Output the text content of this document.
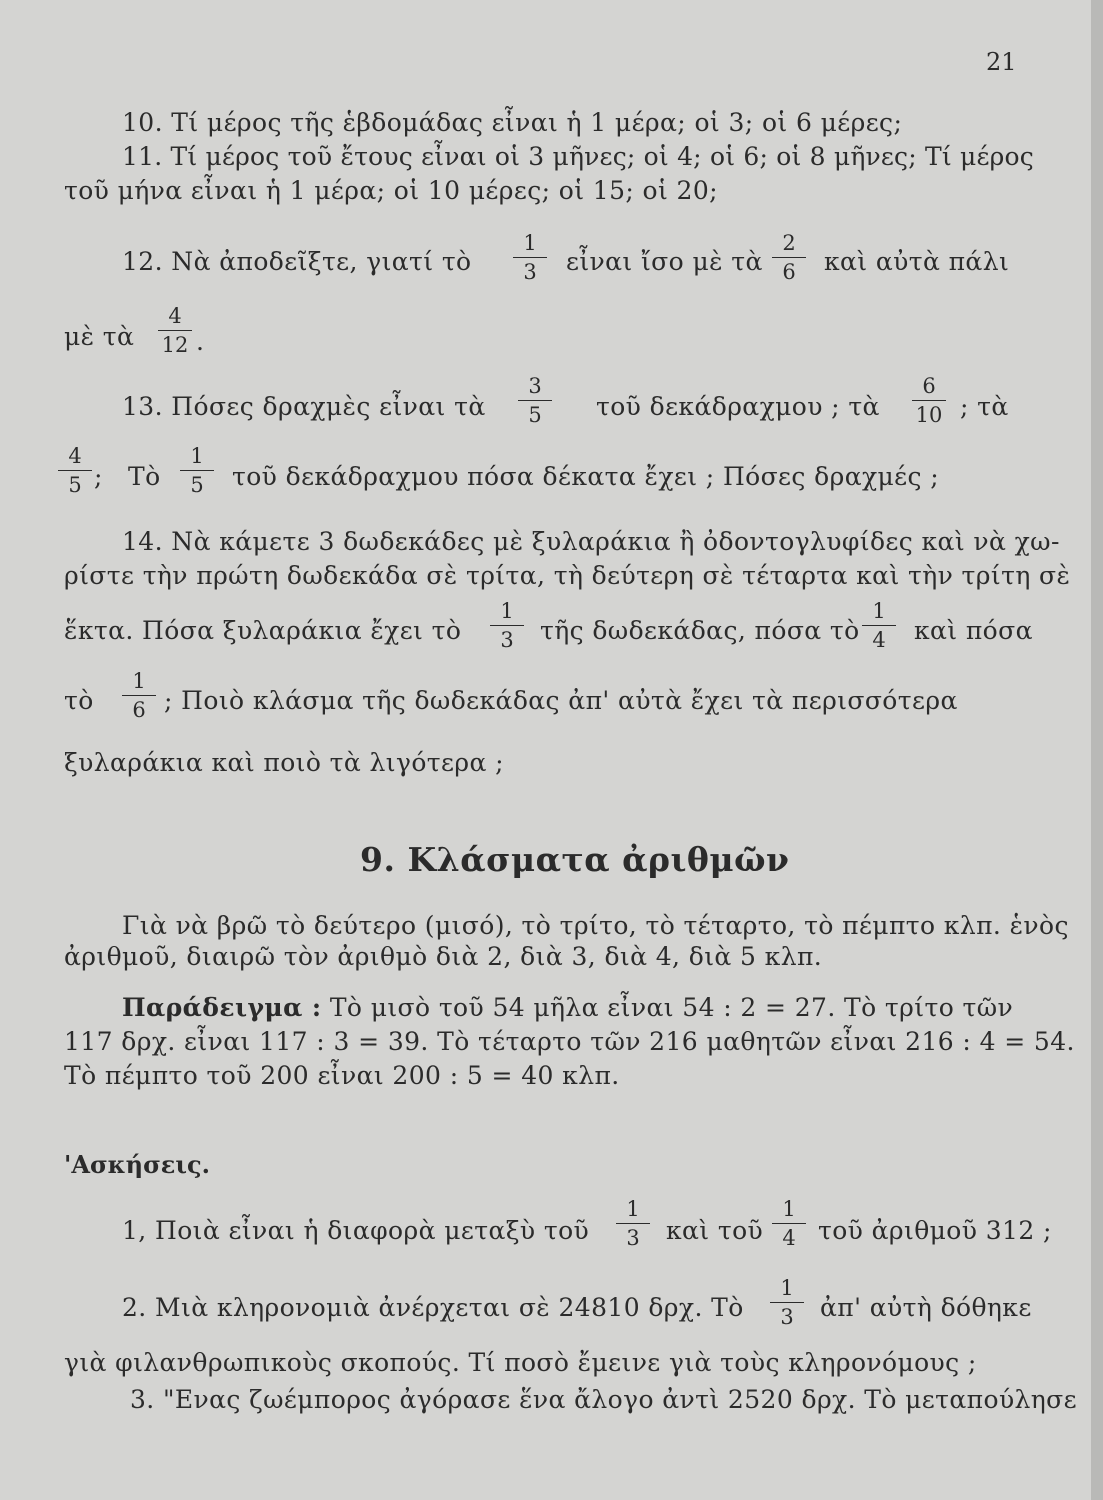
21
10. Τί μέρος τῆς ἑβδομάδας εἶναι ἡ 1 μέρα; οἱ 3; οἱ 6 μέρες;
11. Τί μέρος τοῦ ἔτους εἶναι οἱ 3 μῆνες; οἱ 4; οἱ 6; οἱ 8 μῆνες; Τί μέρος
τοῦ μήνα εἶναι ἡ 1 μέρα; οἱ 10 μέρες; οἱ 15; οἱ 20;
12. Νὰ ἀποδεῖξτε, γιατί τὸ
1
3	εἶναι ἴσο μὲ τὰ
2
6	καὶ αὐτὰ πάλι
μὲ τὰ
4
12 .
13. Πόσες δραχμὲς εἶναι τὰ
3
5	τοῦ δεκάδραχμου ; τὰ
6
10 ; τὰ
4
5 ; Τὸ
1
5	τοῦ δεκάδραχμου πόσα δέκατα ἔχει ; Πόσες δραχμές ;
14. Νὰ κάμετε 3 δωδεκάδες μὲ ξυλαράκια ἢ ὀδοντογλυφίδες καὶ νὰ χω-
ρίστε τὴν πρώτη δωδεκάδα σὲ τρίτα, τὴ δεύτερη σὲ τέταρτα καὶ τὴν τρίτη σὲ
ἕκτα. Πόσα ξυλαράκια ἔχει τὸ
1
3	τῆς δωδεκάδας, πόσα τὸ
1
4	καὶ πόσα
τὸ
1
6 ; Ποιὸ κλάσμα τῆς δωδεκάδας ἀπ' αὐτὰ ἔχει τὰ περισσότερα
ξυλαράκια καὶ ποιὸ τὰ λιγότερα ;
9. Κλάσματα ἀριθμῶν
Γιὰ νὰ βρῶ τὸ δεύτερο (μισό), τὸ τρίτο, τὸ τέταρτο, τὸ πέμπτο κλπ. ἑνὸς
ἀριθμοῦ, διαιρῶ τὸν ἀριθμὸ διὰ 2, διὰ 3, διὰ 4, διὰ 5 κλπ.
Παράδειγμα : Τὸ μισὸ τοῦ 54 μῆλα εἶναι 54 : 2 = 27. Τὸ τρίτο τῶν
117 δρχ. εἶναι 117 : 3 = 39. Τὸ τέταρτο τῶν 216 μαθητῶν εἶναι 216 : 4 = 54.
Τὸ πέμπτο τοῦ 200 εἶναι 200 : 5 = 40 κλπ.
'Ασκήσεις.
1, Ποιὰ εἶναι ἡ διαφορὰ μεταξὺ τοῦ
1
3	καὶ τοῦ
1
4 τοῦ ἀριθμοῦ 312 ;
2. Μιὰ κληρονομιὰ ἀνέρχεται σὲ 24810 δρχ. Τὸ
1
3	ἀπ' αὐτὴ δόθηκε
γιὰ φιλανθρωπικοὺς σκοπούς. Τί ποσὸ ἔμεινε γιὰ τοὺς κληρονόμους ;
3. "Ενας ζωέμπορος ἀγόρασε ἕνα ἄλογο ἀντὶ 2520 δρχ. Τὸ μεταπούλησε
